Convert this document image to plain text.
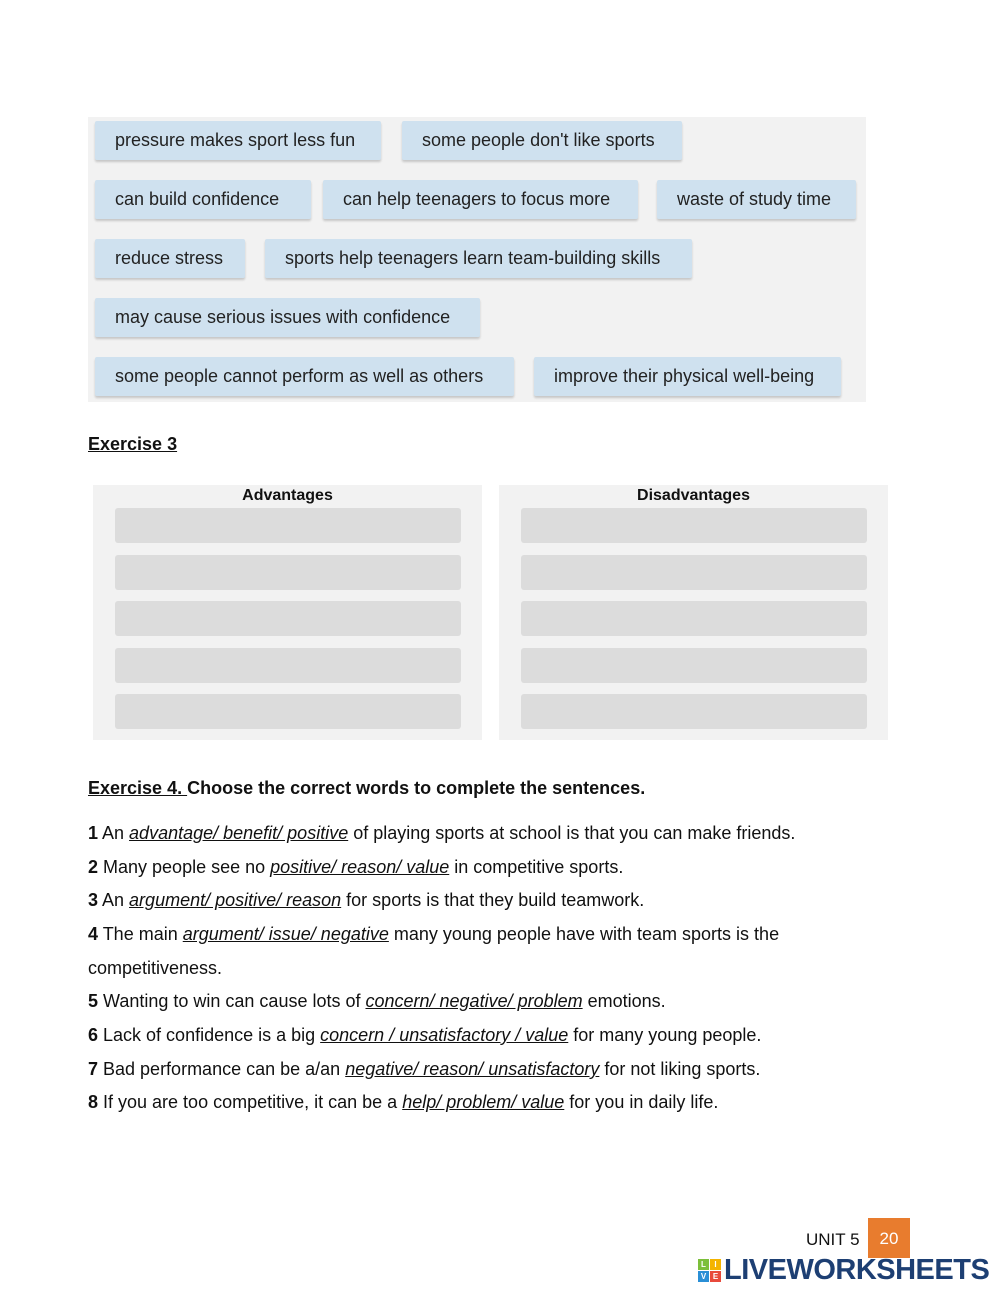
pressure makes sport less fun	some people don't like sports
can build confidence	can help teenagers to focus more	waste of study time
reduce stress	sports help teenagers learn team-building skills
may cause serious issues with confidence
some people cannot perform as well as others	improve their physical well-being
Exercise 3
Advantages	Disadvantages
Exercise 4. Choose the correct words to complete the sentences.
1 An advantage/ benefit/ positive of playing sports at school is that you can make friends.
2 Many people see no positive/ reason/ value in competitive sports.
3 An argument/ positive/ reason for sports is that they build teamwork.
4 The main argument/ issue/ negative many young people have with team sports is the
competitiveness.
5 Wanting to win can cause lots of concern/ negative/ problem emotions.
6 Lack of confidence is a big concern / unsatisfactory / value for many young people.
7 Bad performance can be a/an negative/ reason/ unsatisfactory for not liking sports.
8 If you are too competitive, it can be a help/ problem/ value for you in daily life.
UNIT 5	20
L	I
V E LIVEWORKSHEETS
